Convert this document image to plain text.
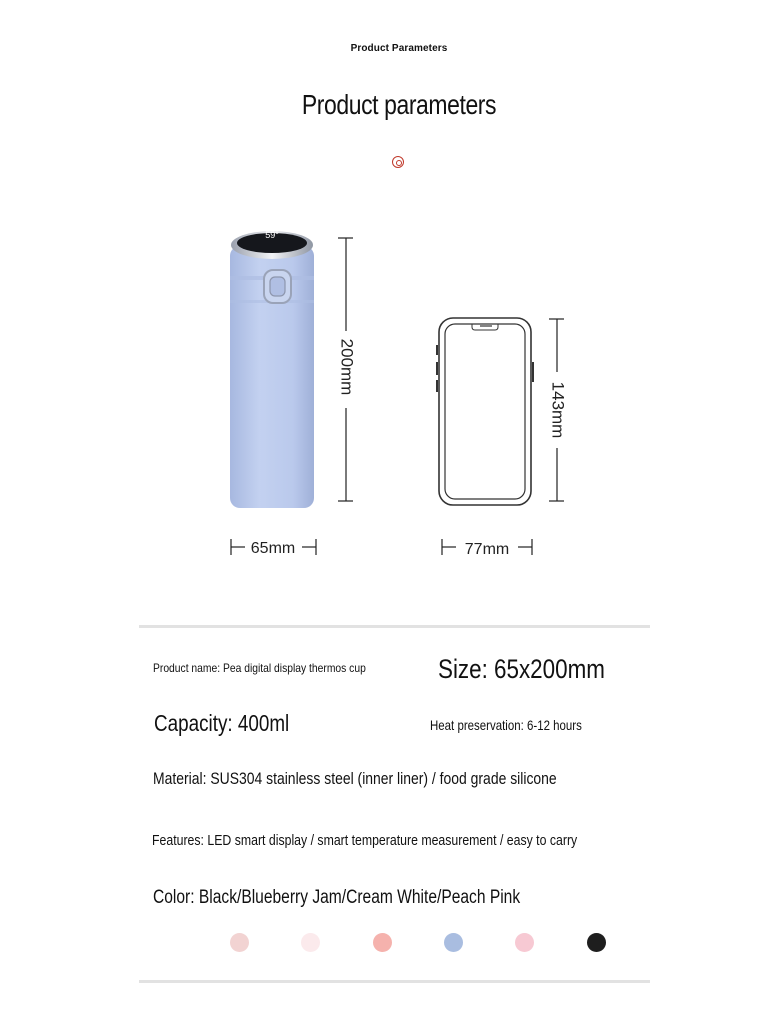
Product Parameters
Product parameters
59°
200mm
65mm
143mm
77mm
Product name: Pea digital display thermos cup	Size: 65x200mm
Capacity: 400ml	Heat preservation: 6-12 hours
Material: SUS304 stainless steel (inner liner) / food grade silicone
Features: LED smart display / smart temperature measurement / easy to carry
Color: Black/Blueberry Jam/Cream White/Peach Pink
